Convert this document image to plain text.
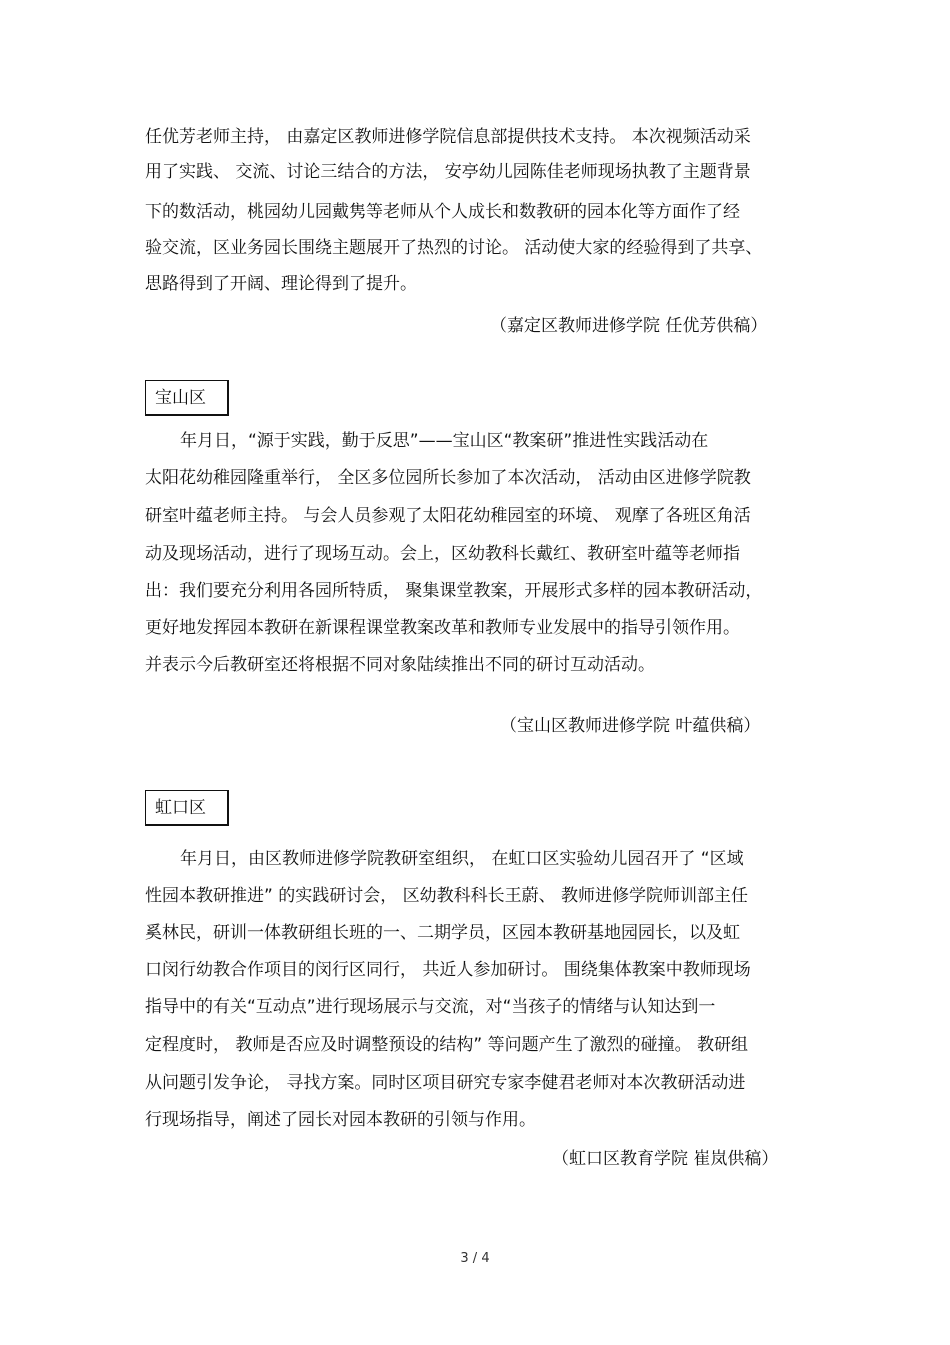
任优芳老师主持， 由嘉定区教师进修学院信息部提供技术支持。 本次视频活动采
用了实践、 交流、讨论三结合的方法， 安亭幼儿园陈佳老师现场执教了主题背景
下的数活动，桃园幼儿园戴隽等老师从个人成长和数教研的园本化等方面作了经
验交流，区业务园长围绕主题展开了热烈的讨论。 活动使大家的经验得到了共享、
思路得到了开阔、理论得到了提升。
（嘉定区教师进修学院 任优芳供稿）
宝山区
年月日，“源于实践，勤于反思”——宝山区“教案研”推进性实践活动在
太阳花幼稚园隆重举行， 全区多位园所长参加了本次活动， 活动由区进修学院教
研室叶蕴老师主持。 与会人员参观了太阳花幼稚园室的环境、 观摩了各班区角活
动及现场活动，进行了现场互动。会上，区幼教科长戴红、教研室叶蕴等老师指
出：我们要充分利用各园所特质， 聚集课堂教案，开展形式多样的园本教研活动，
更好地发挥园本教研在新课程课堂教案改革和教师专业发展中的指导引领作用。
并表示今后教研室还将根据不同对象陆续推出不同的研讨互动活动。
（宝山区教师进修学院 叶蕴供稿）
虹口区
年月日，由区教师进修学院教研室组织， 在虹口区实验幼儿园召开了 “区域
性园本教研推进” 的实践研讨会， 区幼教科科长王蔚、 教师进修学院师训部主任
奚林民，研训一体教研组长班的一、二期学员，区园本教研基地园园长，以及虹
口闵行幼教合作项目的闵行区同行， 共近人参加研讨。 围绕集体教案中教师现场
指导中的有关“互动点”进行现场展示与交流，对“当孩子的情绪与认知达到一
定程度时， 教师是否应及时调整预设的结构” 等问题产生了激烈的碰撞。 教研组
从问题引发争论， 寻找方案。同时区项目研究专家李健君老师对本次教研活动进
行现场指导，阐述了园长对园本教研的引领与作用。
（虹口区教育学院 崔岚供稿）
3 / 4
